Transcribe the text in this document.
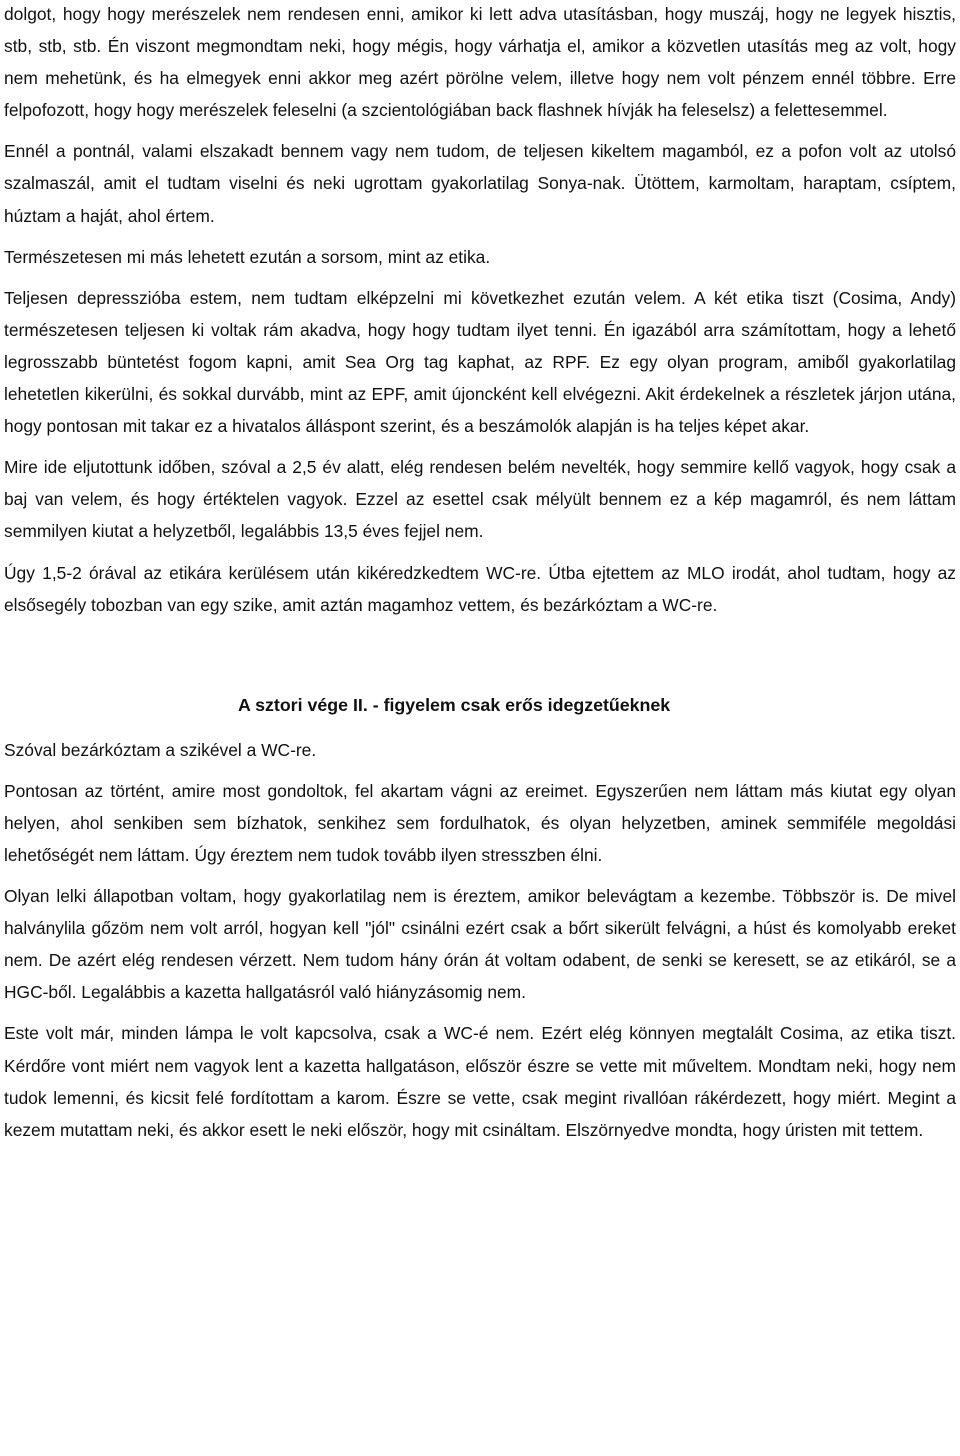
dolgot, hogy hogy merészelek nem rendesen enni, amikor ki lett adva utasításban, hogy muszáj, hogy ne legyek hisztis, stb, stb, stb. Én viszont megmondtam neki, hogy mégis, hogy várhatja el, amikor a közvetlen utasítás meg az volt, hogy nem mehetünk, és ha elmegyek enni akkor meg azért pörölne velem, illetve hogy nem volt pénzem ennél többre. Erre felpofozott, hogy hogy merészelek feleselni (a szcientológiában back flashnek hívják ha feleselsz) a felettesemmel.

Ennél a pontnál, valami elszakadt bennem vagy nem tudom, de teljesen kikeltem magamból, ez a pofon volt az utolsó szalmaszál, amit el tudtam viselni és neki ugrottam gyakorlatilag Sonya-nak. Ütöttem, karmoltam, haraptam, csíptem, húztam a haját, ahol értem.

Természetesen mi más lehetett ezután a sorsom, mint az etika.

Teljesen depresszióba estem, nem tudtam elképzelni mi következhet ezután velem. A két etika tiszt (Cosima, Andy) természetesen teljesen ki voltak rám akadva, hogy hogy tudtam ilyet tenni. Én igazából arra számítottam, hogy a lehető legrosszabb büntetést fogom kapni, amit Sea Org tag kaphat, az RPF. Ez egy olyan program, amiből gyakorlatilag lehetetlen kikerülni, és sokkal durvább, mint az EPF, amit újoncként kell elvégezni. Akit érdekelnek a részletek járjon utána, hogy pontosan mit takar ez a hivatalos álláspont szerint, és a beszámolók alapján is ha teljes képet akar.

Mire ide eljutottunk időben, szóval a 2,5 év alatt, elég rendesen belém nevelték, hogy semmire kellő vagyok, hogy csak a baj van velem, és hogy értéktelen vagyok. Ezzel az esettel csak mélyült bennem ez a kép magamról, és nem láttam semmilyen kiutat a helyzetből, legalábbis 13,5 éves fejjel nem.

Úgy 1,5-2 órával az etikára kerülésem után kikéredzkedtem WC-re. Útba ejtettem az MLO irodát, ahol tudtam, hogy az elsősegély tobozban van egy szike, amit aztán magamhoz vettem, és bezárkóztam a WC-re.

A sztori vége II. - figyelem csak erős idegzetűeknek

Szóval bezárkóztam a szikével a WC-re.

Pontosan az történt, amire most gondoltok, fel akartam vágni az ereimet. Egyszerűen nem láttam más kiutat egy olyan helyen, ahol senkiben sem bízhatok, senkihez sem fordulhatok, és olyan helyzetben, aminek semmiféle megoldási lehetőségét nem láttam. Úgy éreztem nem tudok tovább ilyen stresszben élni.

Olyan lelki állapotban voltam, hogy gyakorlatilag nem is éreztem, amikor belevágtam a kezembe. Többször is. De mivel halványlila gőzöm nem volt arról, hogyan kell "jól" csinálni ezért csak a bőrt sikerült felvágni, a húst és komolyabb ereket nem. De azért elég rendesen vérzett. Nem tudom hány órán át voltam odabent, de senki se keresett, se az etikáról, se a HGC-ből. Legalábbis a kazetta hallgatásról való hiányzásomig nem.

Este volt már, minden lámpa le volt kapcsolva, csak a WC-é nem. Ezért elég könnyen megtalált Cosima, az etika tiszt. Kérdőre vont miért nem vagyok lent a kazetta hallgatáson, először észre se vette mit műveltem. Mondtam neki, hogy nem tudok lemenni, és kicsit felé fordítottam a karom. Észre se vette, csak megint rivallóan rákérdezett, hogy miért. Megint a kezem mutattam neki, és akkor esett le neki először, hogy mit csináltam. Elszörnyedve mondta, hogy úristen mit tettem.
